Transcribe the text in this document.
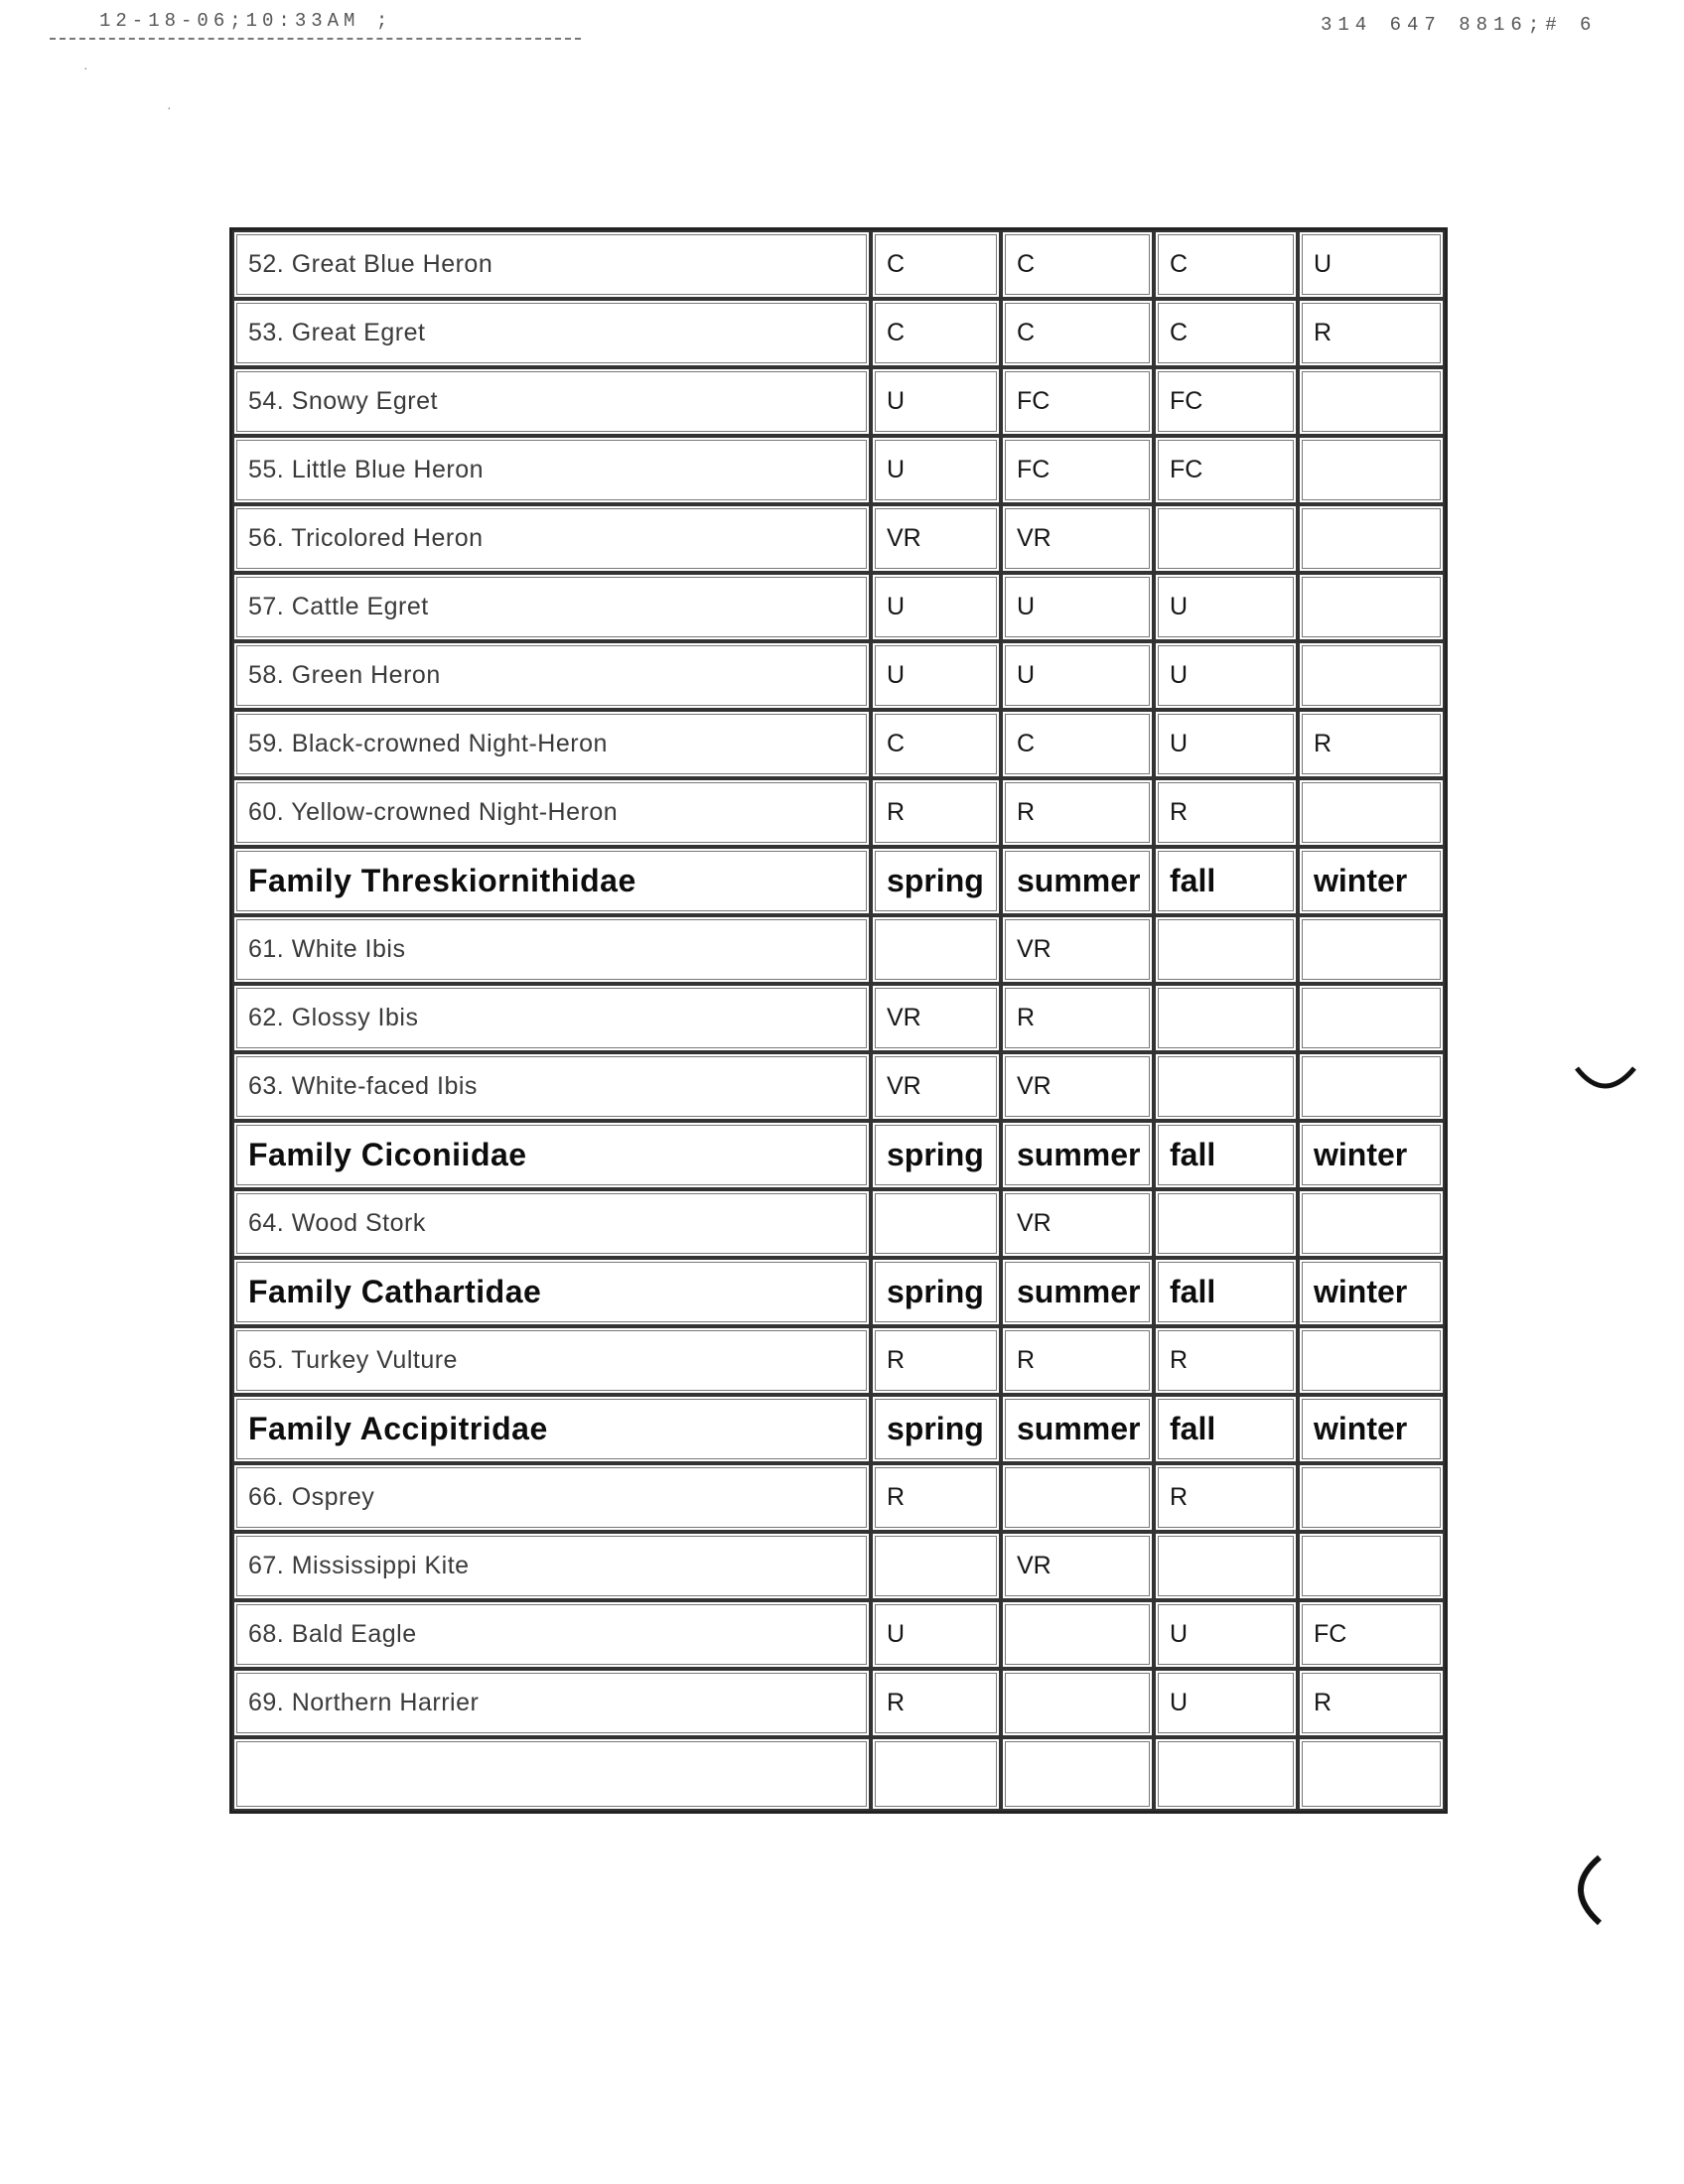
12-18-06;10:33AM ;	314 647 8816;# 6
·
·
52. Great Blue Heron	C	C	C	U
53. Great Egret	C	C	C	R
54. Snowy Egret	U	FC	FC	
55. Little Blue Heron	U	FC	FC	
56. Tricolored Heron	VR	VR		
57. Cattle Egret	U	U	U	
58. Green Heron	U	U	U	
59. Black-crowned Night-Heron	C	C	U	R
60. Yellow-crowned Night-Heron	R	R	R	
Family Threskiornithidae	spring	summer	fall	winter
61. White Ibis		VR		
62. Glossy Ibis	VR	R		
63. White-faced Ibis	VR	VR		
Family Ciconiidae	spring	summer	fall	winter
64. Wood Stork		VR		
Family Cathartidae	spring	summer	fall	winter
65. Turkey Vulture	R	R	R	
Family Accipitridae	spring	summer	fall	winter
66. Osprey	R		R	
67. Mississippi Kite		VR		
68. Bald Eagle	U		U	FC
69. Northern Harrier	R		U	R
